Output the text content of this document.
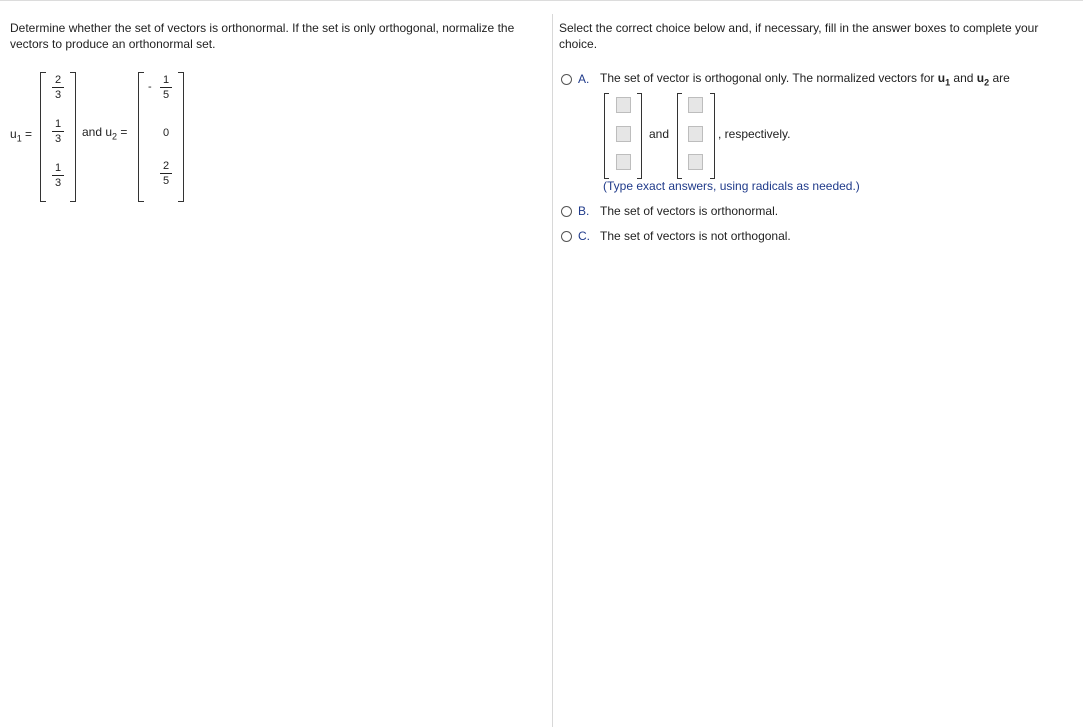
Determine whether the set of vectors is orthonormal. If the set is only orthogonal, normalize the vectors to produce an orthonormal set.

$u_1$ =
2
3
1
3
1
3
and $u_2$ =
-
1
5
0
2
5

Select the correct choice below and, if necessary, fill in the answer boxes to complete your choice.

A. The set of vector is orthogonal only. The normalized vectors for $u_1$ and $u_2$ are
and	, respectively.
(Type exact answers, using radicals as needed.)
B. The set of vectors is orthonormal.
C. The set of vectors is not orthogonal.
